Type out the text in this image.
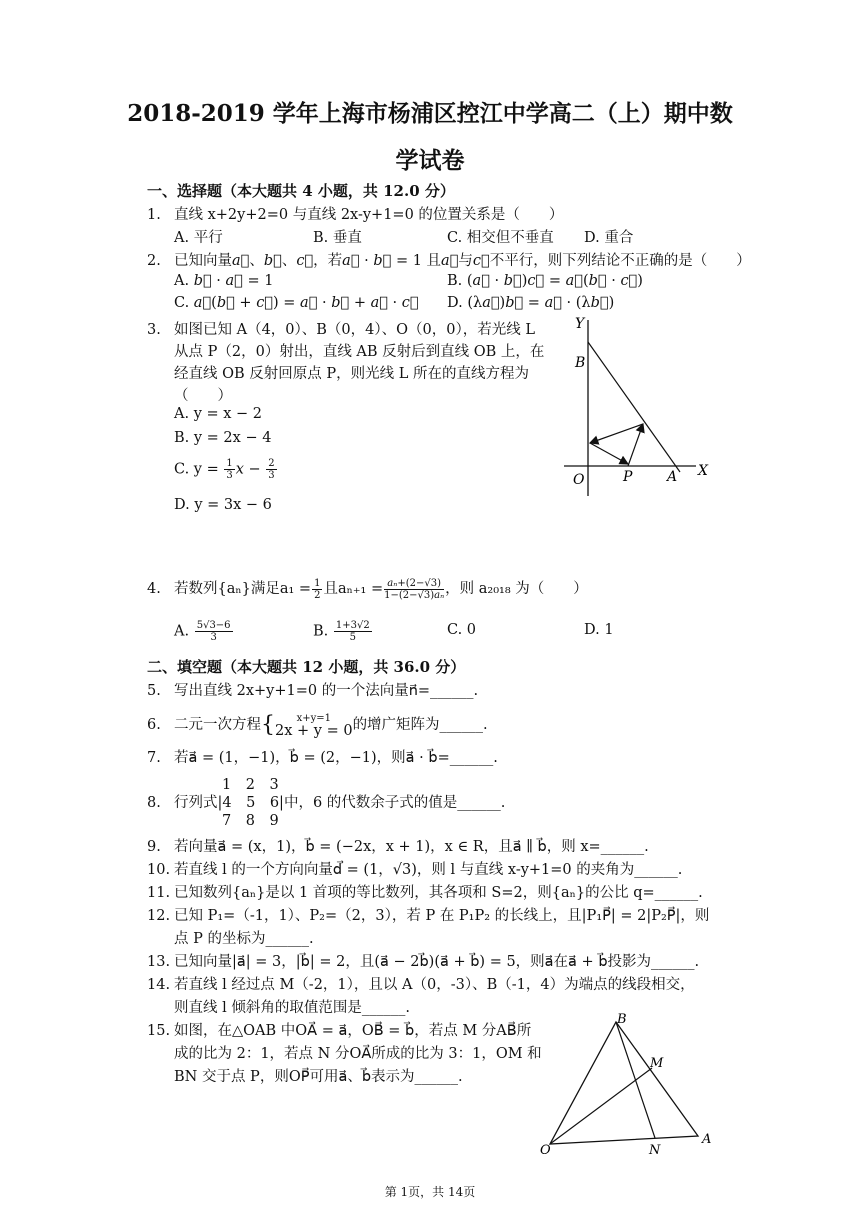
2018-2019 学年上海市杨浦区控江中学高二（上）期中数
学试卷
一、选择题（本大题共 4 小题，共 12.0 分）
1. 直线 x+2y+2=0 与直线 2x-y+1=0 的位置关系是（　　）
A. 平行	B. 垂直	C. 相交但不垂直 D. 重合
2. 已知向量a⃗、b⃗、c⃗，若a⃗ · b⃗ = 1 且a⃗与c⃗不平行，则下列结论不正确的是（　　）
A. b⃗ · a⃗ = 1	B. (a⃗ · b⃗)c⃗ = a⃗(b⃗ · c⃗)
C. a⃗(b⃗ + c⃗) = a⃗ · b⃗ + a⃗ · c⃗ D. (λa⃗)b⃗ = a⃗ · (λb⃗)
3. 如图已知 A（4，0）、B（0，4）、O（0，0），若光线 L
从点 P（2，0）射出，直线 AB 反射后到直线 OB 上，在
经直线 OB 反射回原点 P，则光线 L 所在的直线方程为
（　　）
A. y = x − 2
B. y = 2x − 4
C. $y = \frac{1}{3}$ $x - \frac{2}{3}$
D. y = 3x − 6
Y
X
B
O	P A
4. 若数列{aₙ}满足$a_1 = \frac{1}{2}$ 且$a_{n+1} = \frac{\text{aₙ+(2−√3)}}{\text{1−(2−√3)aₙ}}$ ，则 a₂₀₁₈ 为（　　）
A. $\frac{5√3-6}{3}$	B. $\frac{1+3√2}{5}$	C. 0	D. 1
二、填空题（本大题共 12 小题，共 36.0 分）
5. 写出直线 2x+y+1=0 的一个法向量n⃗=______.
6. 二元一次方程{	x+y=1
2x + y = 0 的增广矩阵为______.
7. 若a⃗ = (1，−1)，b⃗ = (2，−1)，则a⃗ · b⃗=______.
1　2　3
8. 行列式|4　5　6|中，6 的代数余子式的值是______.
7　8　9
9. 若向量a⃗ = (x，1)，b⃗ = (−2x，x + 1)，x ∈ R，且a⃗ ∥ b⃗，则 x=______.
10. 若直线 l 的一个方向向量d⃗ = (1，√3)，则 l 与直线 x-y+1=0 的夹角为______.
11. 已知数列{aₙ}是以 1 首项的等比数列，其各项和 S=2，则{aₙ}的公比 q=______.
12. 已知 P₁=（-1，1）、P₂=（2，3），若 P 在 P₁P₂ 的长线上，且|P₁P⃗| = 2|P₂P⃗|，则
点 P 的坐标为______.
13. 已知向量|a⃗| = 3，|b⃗| = 2，且(a⃗ − 2b⃗)(a⃗ + b⃗) = 5，则a⃗在a⃗ + b⃗投影为______.
14. 若直线 l 经过点 M（-2，1），且以 A（0，-3）、B（-1，4）为端点的线段相交，
则直线 l 倾斜角的取值范围是______.
15. 如图，在△OAB 中OA⃗ = a⃗，OB⃗ = b⃗，若点 M 分AB⃗所
成的比为 2：1，若点 N 分OA⃗所成的比为 3：1，OM 和
BN 交于点 P，则OP⃗可用a⃗、b⃗表示为______.
B
M
O	N
A
第 1页，共 14页
